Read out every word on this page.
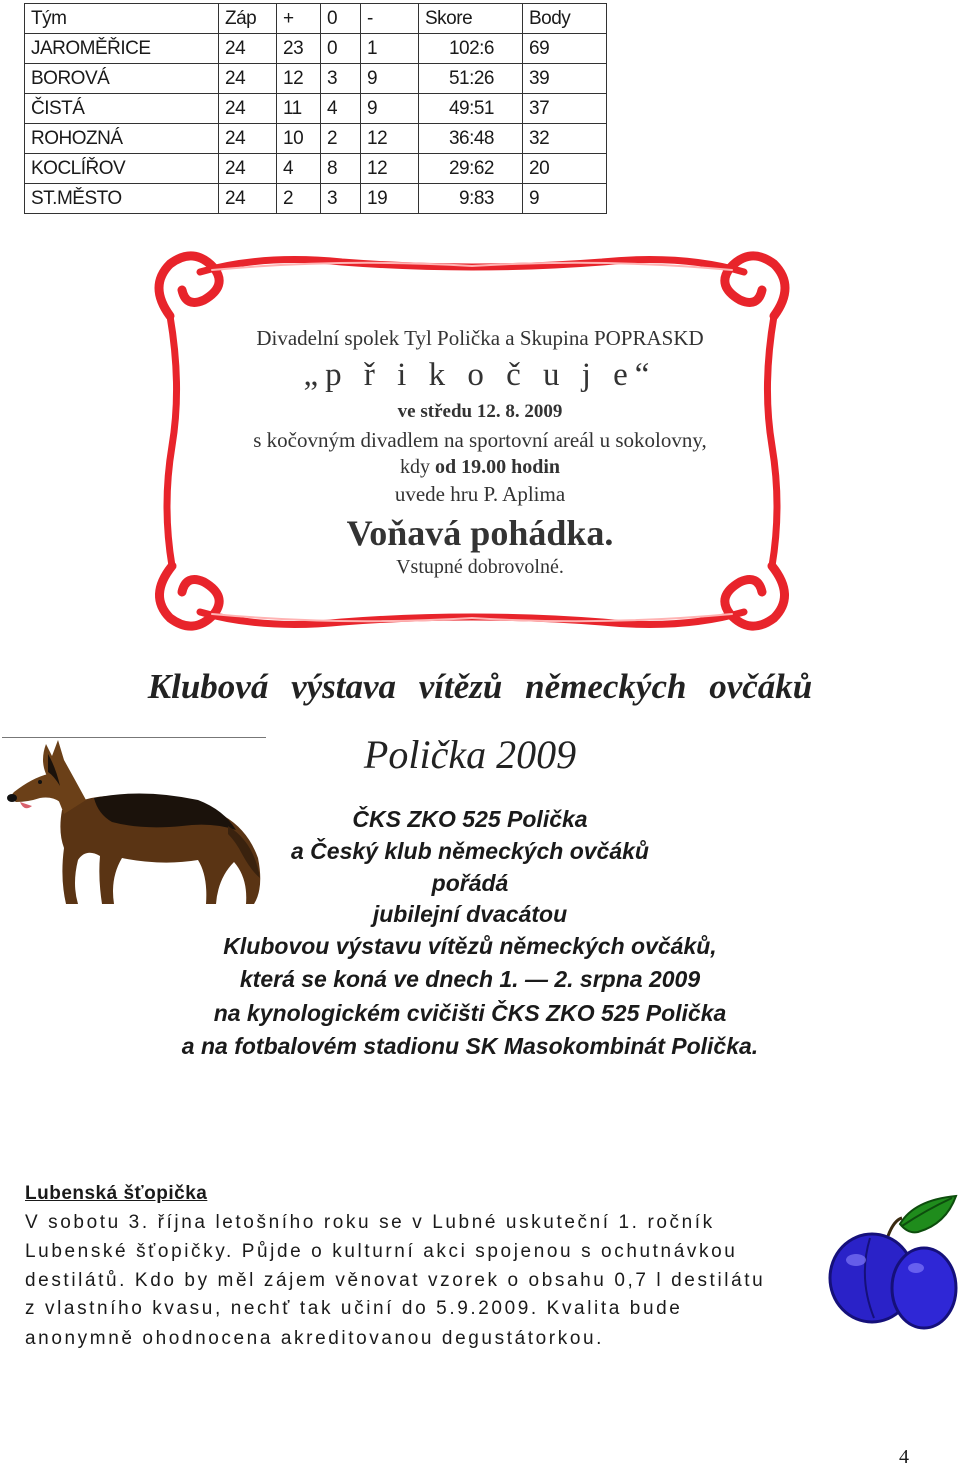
Tým	Záp	+	0	-	Skore	Body
JAROMĚŘICE	24	23	0	1	102:6	69
BOROVÁ	24	12	3	9	51:26	39
ČISTÁ	24	11	4	9	49:51	37
ROHOZNÁ	24	10	2	12	36:48	32
KOCLÍŘOV	24	4	8	12	29:62	20
ST.MĚSTO	24	2	3	19	9:83	9
Divadelní spolek Tyl Polička a Skupina POPRASKD
„p ř i k o č u j e“
ve středu 12. 8. 2009
s kočovným divadlem na sportovní areál u sokolovny,
kdy od 19.00 hodin
uvede hru P. Aplima
Voňavá pohádka.
Vstupné dobrovolné.
Klubová výstava vítězů německých ovčáků
Polička 2009
ČKS ZKO 525 Polička
a Český klub německých ovčáků
pořádá
jubilejní dvacátou
Klubovou výstavu vítězů německých ovčáků,
která se koná ve dnech 1. — 2. srpna 2009
na kynologickém cvičišti ČKS ZKO 525 Polička
a na fotbalovém stadionu SK Masokombinát Polička.
Lubenská šťopička
V sobotu 3. října letošního roku se v Lubné uskuteční 1. ročník
Lubenské šťopičky. Půjde o kulturní akci spojenou s ochutnávkou
destilátů. Kdo by měl zájem věnovat vzorek o obsahu 0,7 l destilátu
z vlastního kvasu, nechť tak učiní do 5.9.2009. Kvalita bude
anonymně ohodnocena akreditovanou degustátorkou.
4
